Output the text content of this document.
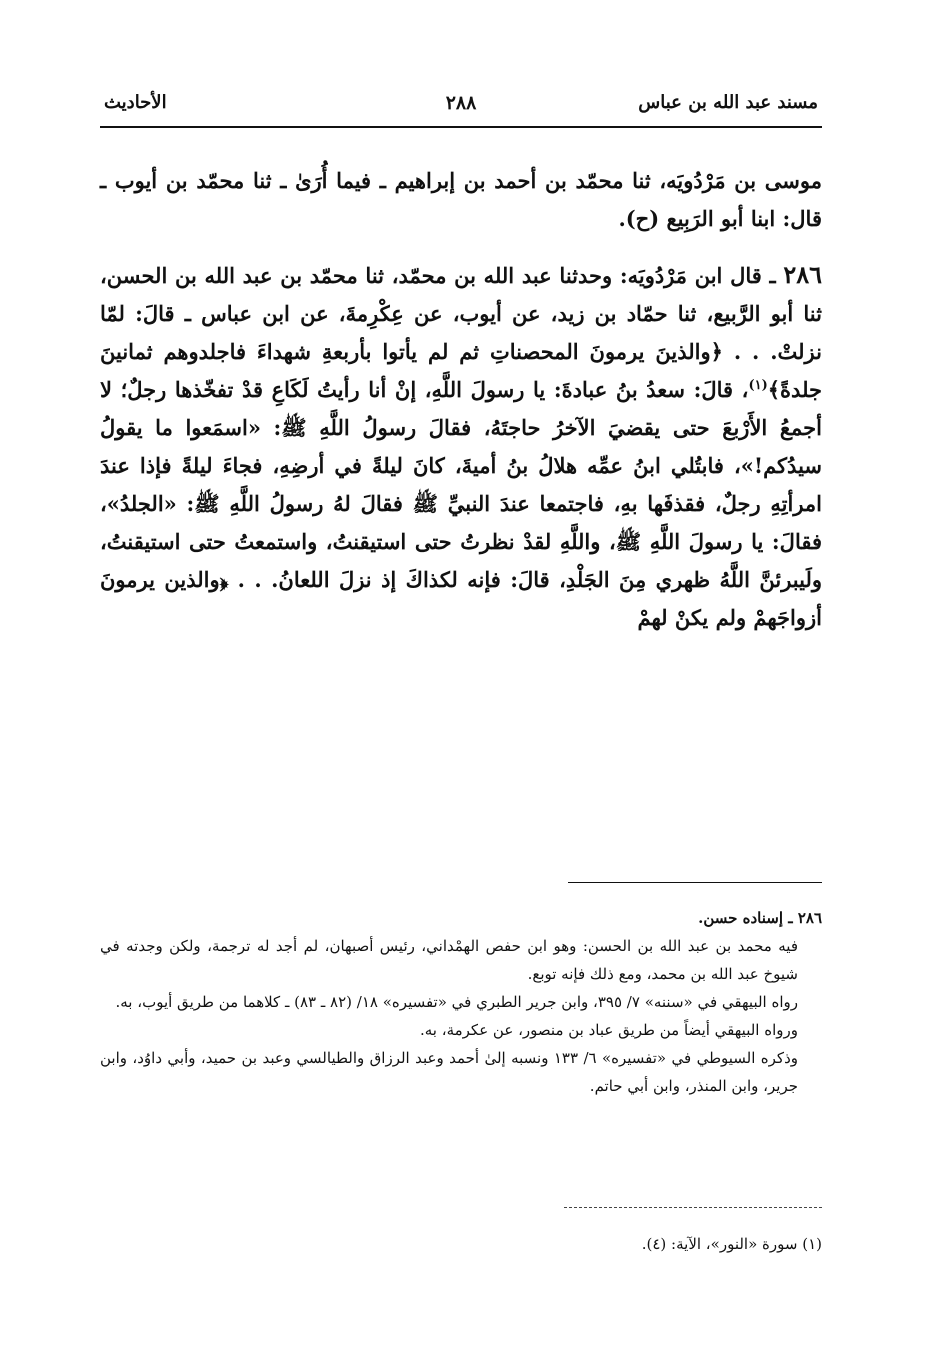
مسند عبد الله بن عباس
٢٨٨
الأحاديث

موسى بن مَرْدُويَه، ثنا محمّد بن أحمد بن إبراهيم ـ فيما أُرَىٰ ـ ثنا محمّد بن أيوب ـ قال: ابنا أبو الرَبِيع (ح).

٢٨٦ ـ قال ابن مَرْدُويَه: وحدثنا عبد الله بن محمّد، ثنا محمّد بن عبد الله بن الحسن، ثنا أبو الرَّبيع، ثنا حمّاد بن زيد، عن أيوب، عن عِكْرِمةَ، عن ابن عباس ـ قالَ: لمّا نزلتْ. . . ﴿والذينَ يرمونَ المحصناتِ ثم لم يأتوا بأربعةِ شهداءَ فاجلدوهم ثمانينَ جلدةً﴾$^{(١)}$، قالَ: سعدُ بنُ عبادةَ: يا رسولَ اللَّهِ، إنْ أنا رأيتُ لَكَاعِ قدْ تفخّذها رجلٌ؛ لا أجمعُ الأَرْبعَ حتى يقضيَ الآخرُ حاجتَهُ، فقالَ رسولُ اللَّهِ ﷺ: «اسمَعوا ما يقولُ سيدُكم!»، فابتُلي ابنُ عمِّه هلالُ بنُ أميةَ، كانَ ليلةً في أرضِهِ، فجاءَ ليلةً فإذا عندَ امرأتِهِ رجلٌ، فقذفَها بهِ، فاجتمعا عندَ النبيِّ ﷺ فقالَ لهُ رسولُ اللَّهِ ﷺ: «الجلدُ»، فقالَ: يا رسولَ اللَّهِ ﷺ، واللَّهِ لقدْ نظرتُ حتى استيقنتُ، واستمعتُ حتى استيقنتُ، ولَيبرئنَّ اللَّهُ ظهري مِنَ الجَلْدِ، قالَ: فإنه لكذاكَ إذ نزلَ اللعانُ. . . ﴿والذين يرمونَ أزواجَهمْ ولم يكنْ لهمْ

٢٨٦ ـ إسناده حسن.

فيه محمد بن عبد الله بن الحسن: وهو ابن حفص الهمْداني، رئيس أصبهان، لم أجد له ترجمة، ولكن وجدته في شيوخ عبد الله بن محمد، ومع ذلك فإنه توبع.

رواه البيهقي في «سننه» ٧/ ٣٩٥، وابن جرير الطبري في «تفسيره» ١٨/ (٨٢ ـ ٨٣) ـ كلاهما من طريق أيوب، به.

ورواه البيهقي أيضاً من طريق عباد بن منصور، عن عكرمة، به.

وذكره السيوطي في «تفسيره» ٦/ ١٣٣ ونسبه إلىٰ أحمد وعبد الرزاق والطيالسي وعبد بن حميد، وأبي داوُد، وابن جرير، وابن المنذر، وابن أبي حاتم.

(١) سورة «النور»، الآية: (٤).
